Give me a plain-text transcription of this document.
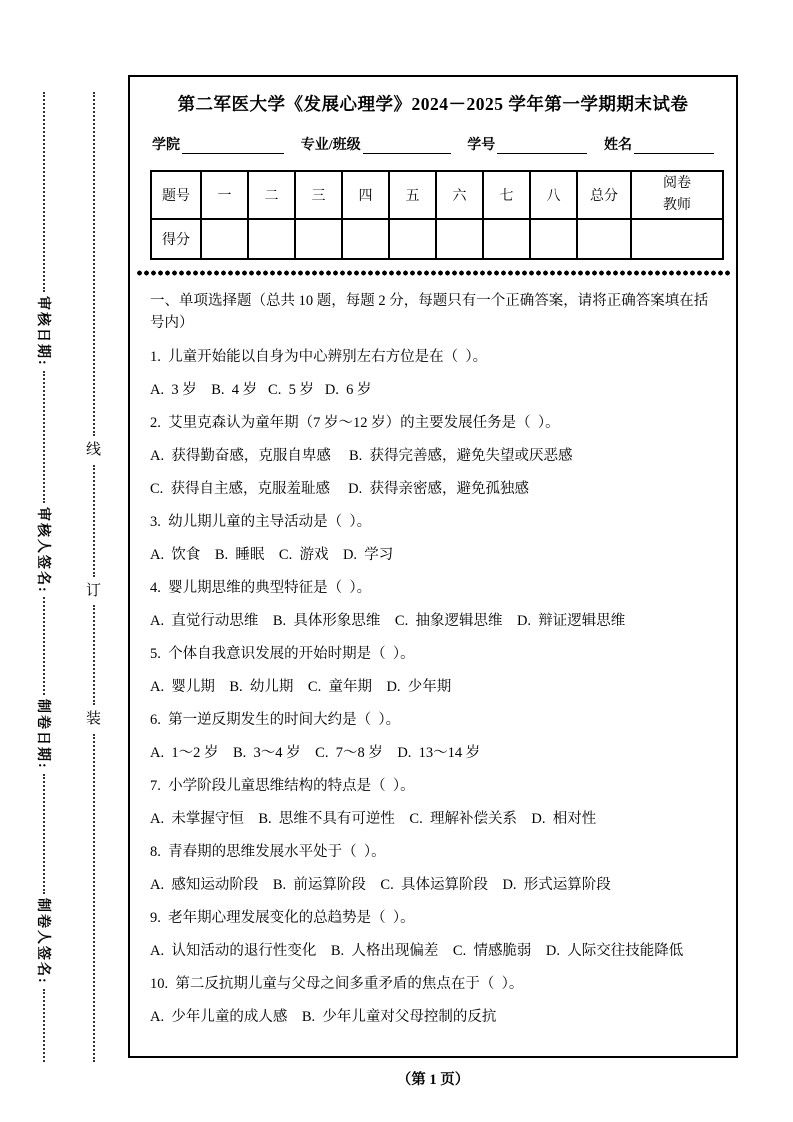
审核日期:
审核人签名:
制卷日期:
制卷人签名:
线
订
装
第二军医大学《发展心理学》2024－2025 学年第一学期期末试卷
学院	专业/班级	学号	姓名
题号	一	二	三	四	五	六	七	八	总分	阅卷教师
得分										

一、单项选择题（总共 10 题，每题 2 分，每题只有一个正确答案，请将正确答案填在括号内）

1.  儿童开始能以自身为中心辨别左右方位是在（  ）。

A.  3 岁    B.  4 岁   C.  5 岁   D.  6 岁

2.  艾里克森认为童年期（7 岁～12 岁）的主要发展任务是（  ）。

A.  获得勤奋感，克服自卑感     B.  获得完善感，避免失望或厌恶感

C.  获得自主感，克服羞耻感     D.  获得亲密感，避免孤独感

3.  幼儿期儿童的主导活动是（  ）。

A.  饮食    B.  睡眠    C.  游戏    D.  学习

4.  婴儿期思维的典型特征是（  ）。

A.  直觉行动思维    B.  具体形象思维    C.  抽象逻辑思维    D.  辩证逻辑思维

5.  个体自我意识发展的开始时期是（  ）。

A.  婴儿期    B.  幼儿期    C.  童年期    D.  少年期

6.  第一逆反期发生的时间大约是（  ）。

A.  1～2 岁    B.  3～4 岁    C.  7～8 岁    D.  13～14 岁

7.  小学阶段儿童思维结构的特点是（  ）。

A.  未掌握守恒    B.  思维不具有可逆性    C.  理解补偿关系    D.  相对性

8.  青春期的思维发展水平处于（  ）。

A.  感知运动阶段    B.  前运算阶段    C.  具体运算阶段    D.  形式运算阶段

9.  老年期心理发展变化的总趋势是（  ）。

A.  认知活动的退行性变化    B.  人格出现偏差    C.  情感脆弱    D.  人际交往技能降低

10.  第二反抗期儿童与父母之间多重矛盾的焦点在于（  ）。

A.  少年儿童的成人感    B.  少年儿童对父母控制的反抗

（第 1 页）
